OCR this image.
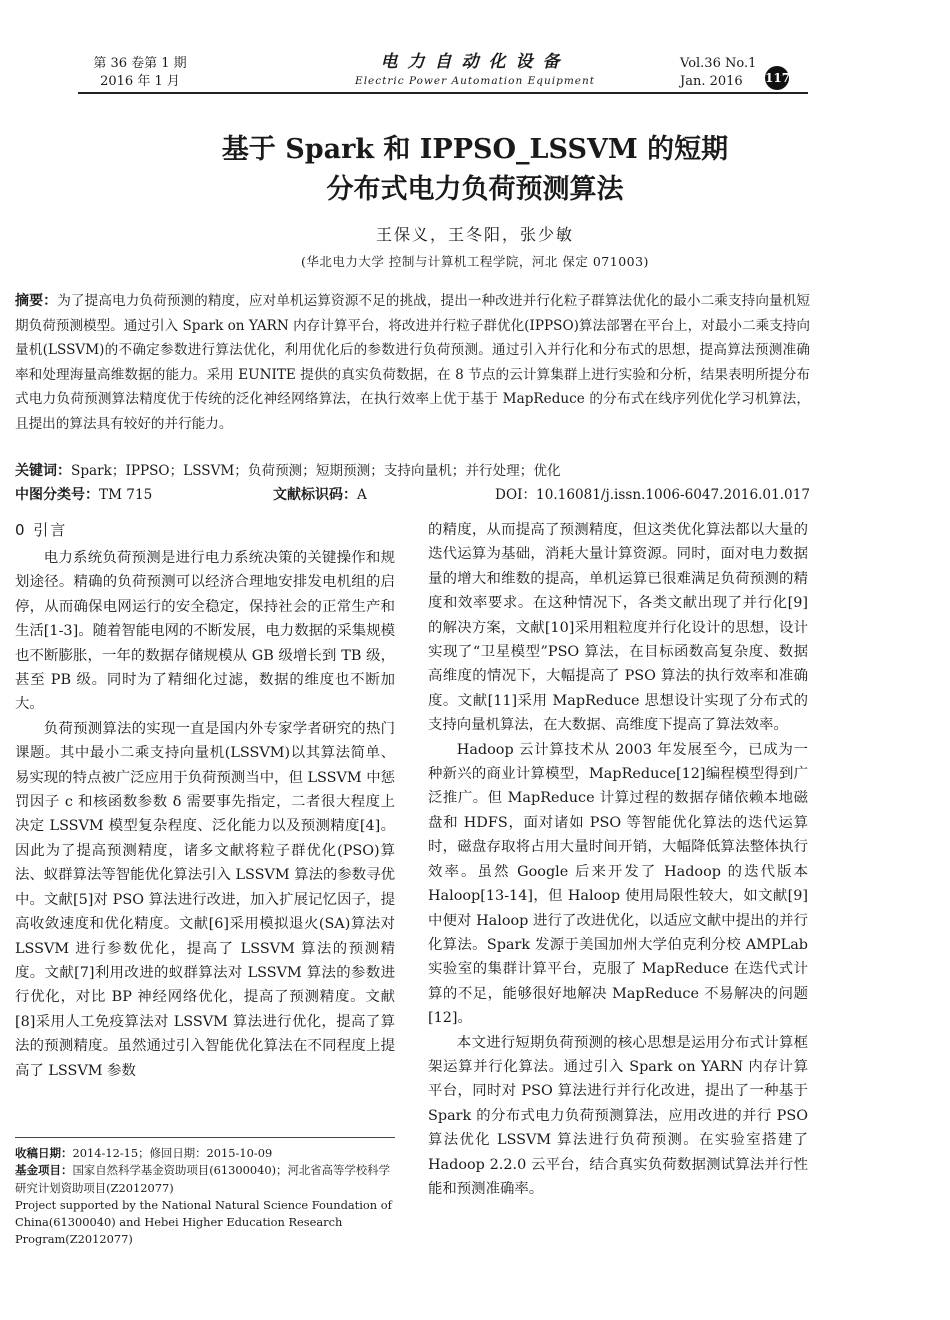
第 36 卷第 1 期
2016 年 1 月
电力自动化设备
Electric Power Automation Equipment
Vol.36 No.1
Jan. 2016	117
基于 Spark 和 IPPSO_LSSVM 的短期
分布式电力负荷预测算法
王保义，王冬阳，张少敏
(华北电力大学 控制与计算机工程学院，河北 保定 071003)
摘要：为了提高电力负荷预测的精度，应对单机运算资源不足的挑战，提出一种改进并行化粒子群算法优化的最小二乘支持向量机短期负荷预测模型。通过引入 Spark on YARN 内存计算平台，将改进并行粒子群优化(IPPSO)算法部署在平台上，对最小二乘支持向量机(LSSVM)的不确定参数进行算法优化，利用优化后的参数进行负荷预测。通过引入并行化和分布式的思想，提高算法预测准确率和处理海量高维数据的能力。采用 EUNITE 提供的真实负荷数据，在 8 节点的云计算集群上进行实验和分析，结果表明所提分布式电力负荷预测算法精度优于传统的泛化神经网络算法，在执行效率上优于基于 MapReduce 的分布式在线序列优化学习机算法，且提出的算法具有较好的并行能力。
关键词：Spark；IPPSO；LSSVM；负荷预测；短期预测；支持向量机；并行处理；优化
中图分类号：TM 715	文献标识码：A	DOI：10.16081/j.issn.1006-6047.2016.01.017
0 引言

电力系统负荷预测是进行电力系统决策的关键操作和规划途径。精确的负荷预测可以经济合理地安排发电机组的启停，从而确保电网运行的安全稳定，保持社会的正常生产和生活[1-3]。随着智能电网的不断发展，电力数据的采集规模也不断膨胀，一年的数据存储规模从 GB 级增长到 TB 级，甚至 PB 级。同时为了精细化过滤，数据的维度也不断加大。

负荷预测算法的实现一直是国内外专家学者研究的热门课题。其中最小二乘支持向量机(LSSVM)以其算法简单、易实现的特点被广泛应用于负荷预测当中，但 LSSVM 中惩罚因子 c 和核函数参数 δ 需要事先指定，二者很大程度上决定 LSSVM 模型复杂程度、泛化能力以及预测精度[4]。因此为了提高预测精度，诸多文献将粒子群优化(PSO)算法、蚁群算法等智能优化算法引入 LSSVM 算法的参数寻优中。文献[5]对 PSO 算法进行改进，加入扩展记忆因子，提高收敛速度和优化精度。文献[6]采用模拟退火(SA)算法对 LSSVM 进行参数优化，提高了 LSSVM 算法的预测精度。文献[7]利用改进的蚁群算法对 LSSVM 算法的参数进行优化，对比 BP 神经网络优化，提高了预测精度。文献[8]采用人工免疫算法对 LSSVM 算法进行优化，提高了算法的预测精度。虽然通过引入智能优化算法在不同程度上提高了 LSSVM 参数

的精度，从而提高了预测精度，但这类优化算法都以大量的迭代运算为基础，消耗大量计算资源。同时，面对电力数据量的增大和维数的提高，单机运算已很难满足负荷预测的精度和效率要求。在这种情况下，各类文献出现了并行化[9]的解决方案，文献[10]采用粗粒度并行化设计的思想，设计实现了“卫星模型”PSO 算法，在目标函数高复杂度、数据高维度的情况下，大幅提高了 PSO 算法的执行效率和准确度。文献[11]采用 MapReduce 思想设计实现了分布式的支持向量机算法，在大数据、高维度下提高了算法效率。

Hadoop 云计算技术从 2003 年发展至今，已成为一种新兴的商业计算模型，MapReduce[12]编程模型得到广泛推广。但 MapReduce 计算过程的数据存储依赖本地磁盘和 HDFS，面对诸如 PSO 等智能优化算法的迭代运算时，磁盘存取将占用大量时间开销，大幅降低算法整体执行效率。虽然 Google 后来开发了 Hadoop 的迭代版本 Haloop[13-14]，但 Haloop 使用局限性较大，如文献[9]中便对 Haloop 进行了改进优化，以适应文献中提出的并行化算法。Spark 发源于美国加州大学伯克利分校 AMPLab 实验室的集群计算平台，克服了 MapReduce 在迭代式计算的不足，能够很好地解决 MapReduce 不易解决的问题[12]。

本文进行短期负荷预测的核心思想是运用分布式计算框架运算并行化算法。通过引入 Spark on YARN 内存计算平台，同时对 PSO 算法进行并行化改进，提出了一种基于 Spark 的分布式电力负荷预测算法，应用改进的并行 PSO 算法优化 LSSVM 算法进行负荷预测。在实验室搭建了 Hadoop 2.2.0 云平台，结合真实负荷数据测试算法并行性能和预测准确率。

收稿日期：2014-12-15；修回日期：2015-10-09
基金项目：国家自然科学基金资助项目(61300040)；河北省高等学校科学研究计划资助项目(Z2012077)
Project supported by the National Natural Science Foundation of China(61300040) and Hebei Higher Education Research Program(Z2012077)
